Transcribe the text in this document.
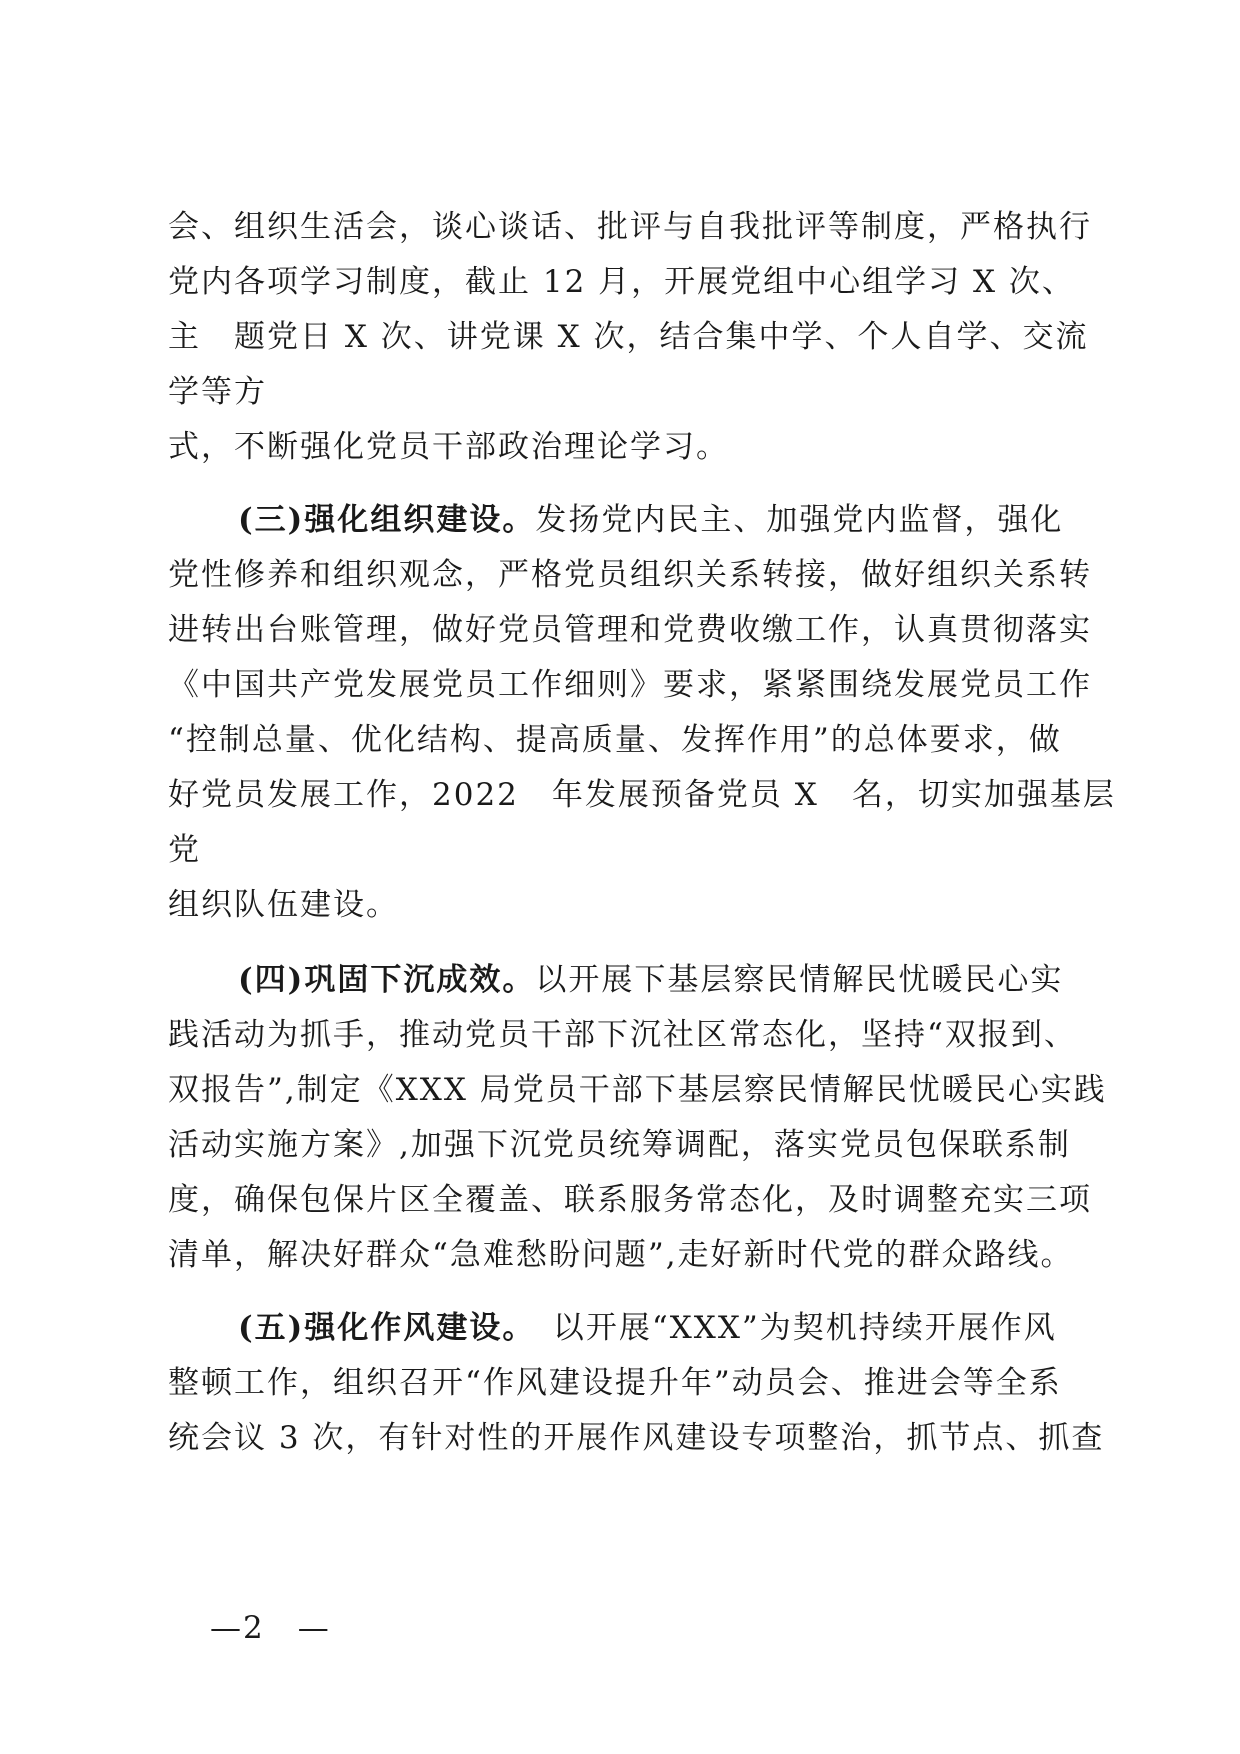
会、组织生活会，谈心谈话、批评与自我批评等制度，严格执行
党内各项学习制度，截止 12 月，开展党组中心组学习 X 次、
主　题党日 X 次、讲党课 X 次，结合集中学、个人自学、交流
学等方
式，不断强化党员干部政治理论学习。
(三)强化组织建设。发扬党内民主、加强党内监督，强化
党性修养和组织观念，严格党员组织关系转接，做好组织关系转
进转出台账管理，做好党员管理和党费收缴工作，认真贯彻落实
《中国共产党发展党员工作细则》要求，紧紧围绕发展党员工作
“控制总量、优化结构、提高质量、发挥作用”的总体要求，做
好党员发展工作，2022　年发展预备党员 X　名，切实加强基层
党
组织队伍建设。
(四)巩固下沉成效。以开展下基层察民情解民忧暖民心实
践活动为抓手，推动党员干部下沉社区常态化，坚持“双报到、
双报告”,制定《XXX 局党员干部下基层察民情解民忧暖民心实践
活动实施方案》,加强下沉党员统筹调配，落实党员包保联系制
度，确保包保片区全覆盖、联系服务常态化，及时调整充实三项
清单，解决好群众“急难愁盼问题”,走好新时代党的群众路线。
(五)强化作风建设。　以开展“XXX”为契机持续开展作风
整顿工作，组织召开“作风建设提升年”动员会、推进会等全系
统会议 3 次，有针对性的开展作风建设专项整治，抓节点、抓查
—2　—
